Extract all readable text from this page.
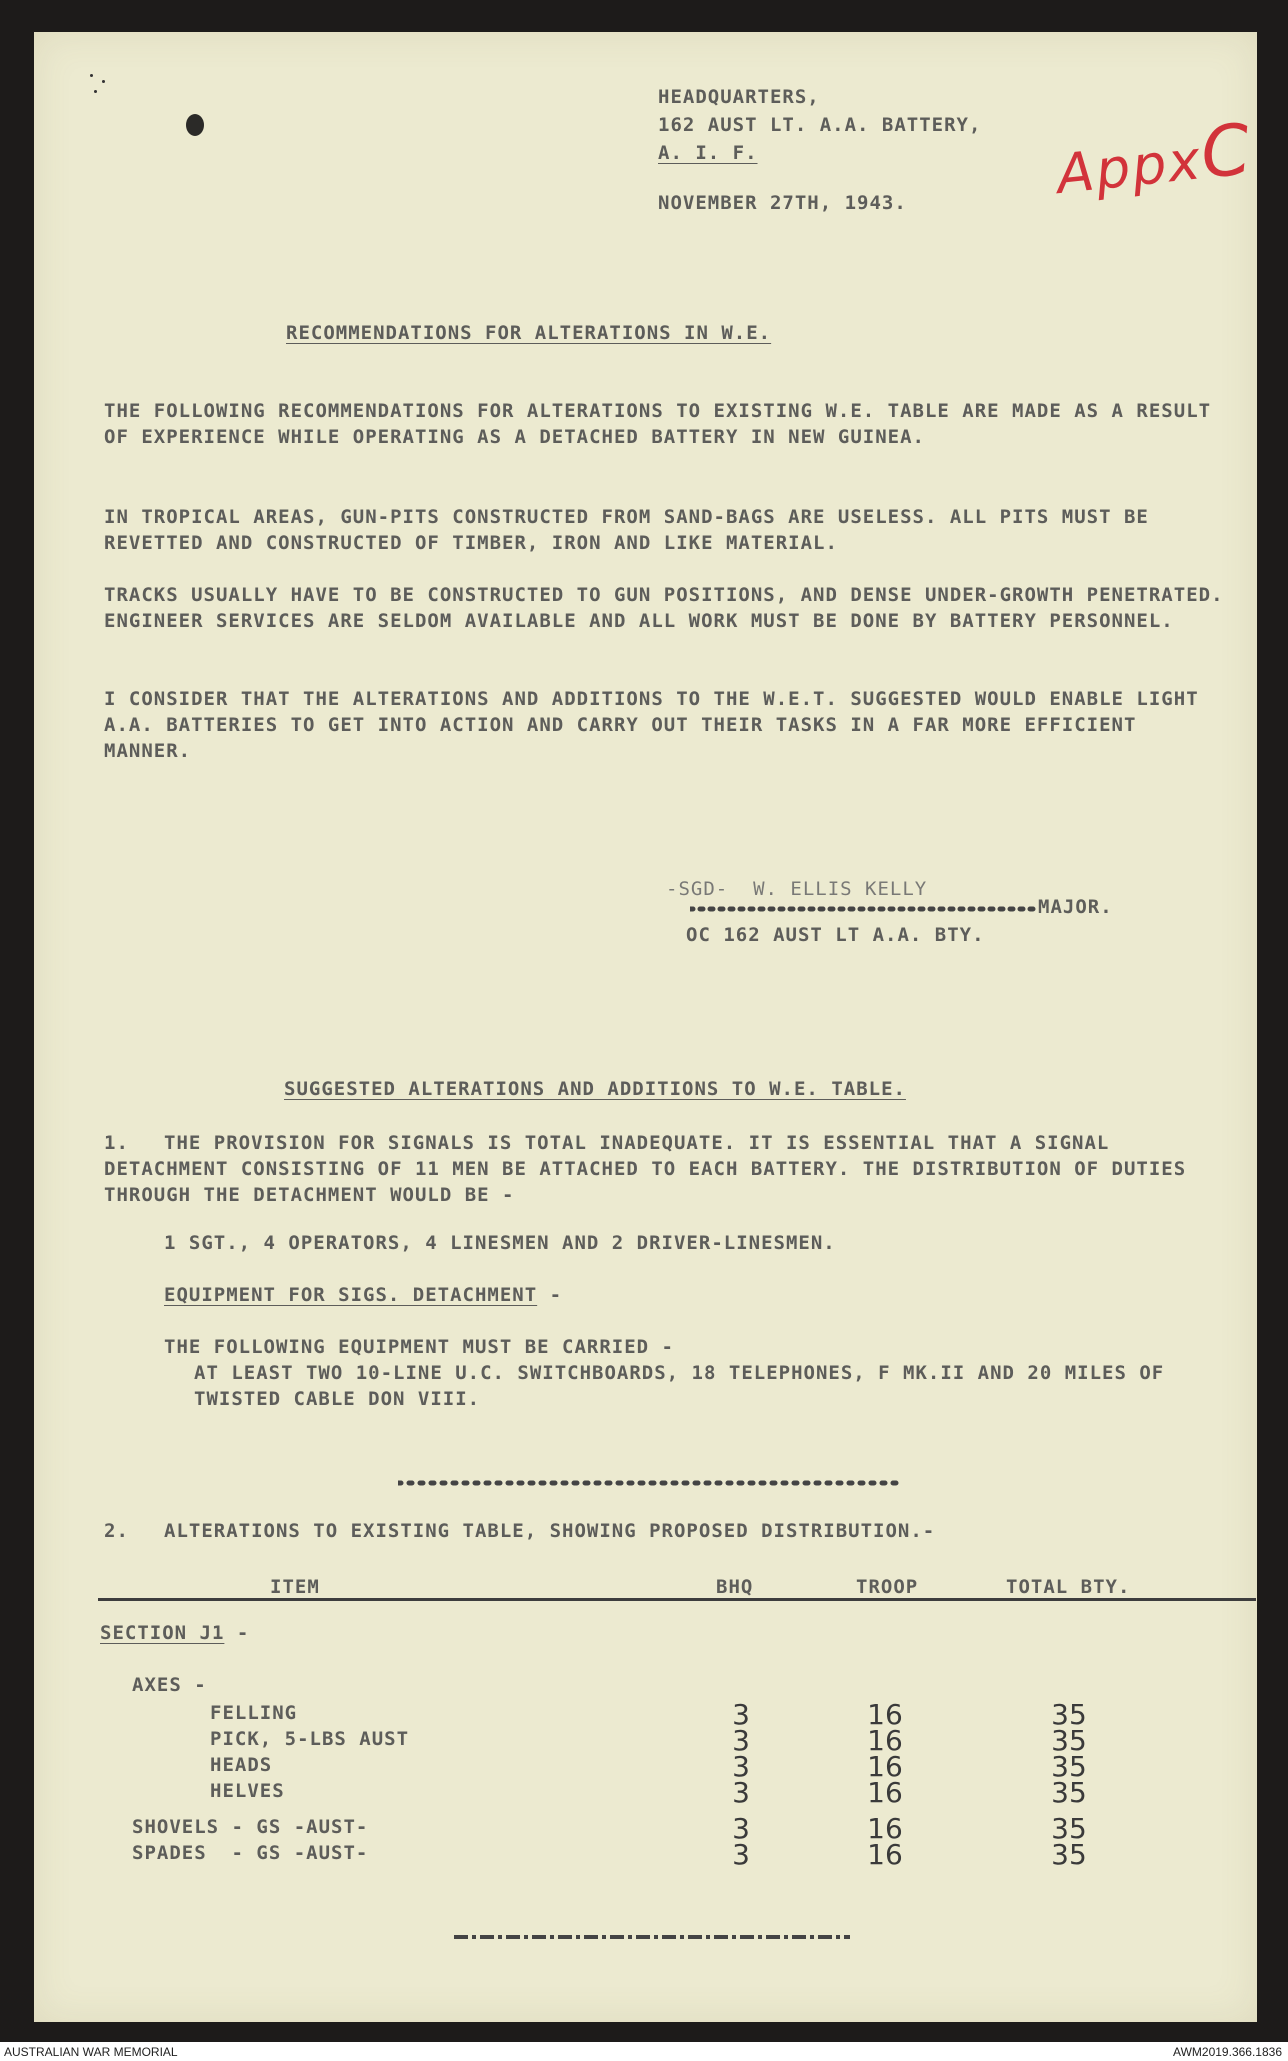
HEADQUARTERS,
162 AUST LT. A.A. BATTERY,
A. I. F.
NOVEMBER 27TH, 1943.	AppxC
RECOMMENDATIONS FOR ALTERATIONS IN W.E.
THE FOLLOWING RECOMMENDATIONS FOR ALTERATIONS TO EXISTING W.E. TABLE ARE MADE AS A RESULT OF EXPERIENCE WHILE OPERATING AS A DETACHED BATTERY IN NEW GUINEA.
IN TROPICAL AREAS, GUN-PITS CONSTRUCTED FROM SAND-BAGS ARE USELESS. ALL PITS MUST BE REVETTED AND CONSTRUCTED OF TIMBER, IRON AND LIKE MATERIAL.
TRACKS USUALLY HAVE TO BE CONSTRUCTED TO GUN POSITIONS, AND DENSE UNDER-GROWTH PENETRATED. ENGINEER SERVICES ARE SELDOM AVAILABLE AND ALL WORK MUST BE DONE BY BATTERY PERSONNEL.
I CONSIDER THAT THE ALTERATIONS AND ADDITIONS TO THE W.E.T. SUGGESTED WOULD ENABLE LIGHT A.A. BATTERIES TO GET INTO ACTION AND CARRY OUT THEIR TASKS IN A FAR MORE EFFICIENT MANNER.
-SGD-  W. ELLIS KELLY
MAJOR.
OC 162 AUST LT A.A. BTY.
SUGGESTED ALTERATIONS AND ADDITIONS TO W.E. TABLE.
1.	THE PROVISION FOR SIGNALS IS TOTAL INADEQUATE. IT IS ESSENTIAL THAT A SIGNAL DETACHMENT CONSISTING OF 11 MEN BE ATTACHED TO EACH BATTERY. THE DISTRIBUTION OF DUTIES THROUGH THE DETACHMENT WOULD BE -
1 SGT., 4 OPERATORS, 4 LINESMEN AND 2 DRIVER-LINESMEN.
EQUIPMENT FOR SIGS. DETACHMENT -
THE FOLLOWING EQUIPMENT MUST BE CARRIED -
AT LEAST TWO 10-LINE U.C. SWITCHBOARDS, 18 TELEPHONES, F MK.II AND 20 MILES OF TWISTED CABLE DON VIII.
2. ALTERATIONS TO EXISTING TABLE, SHOWING PROPOSED DISTRIBUTION.-
ITEM	BHQ	TROOP	TOTAL BTY.
SECTION J1 -
AXES -
FELLING	3	16	35
PICK, 5-LBS AUST	3	16	35
HEADS	3	16	35
HELVES	3	16	35
SHOVELS - GS -AUST-	3	16	35
SPADES  - GS -AUST-	3	16	35
AUSTRALIAN WAR MEMORIAL	AWM2019.366.1836
